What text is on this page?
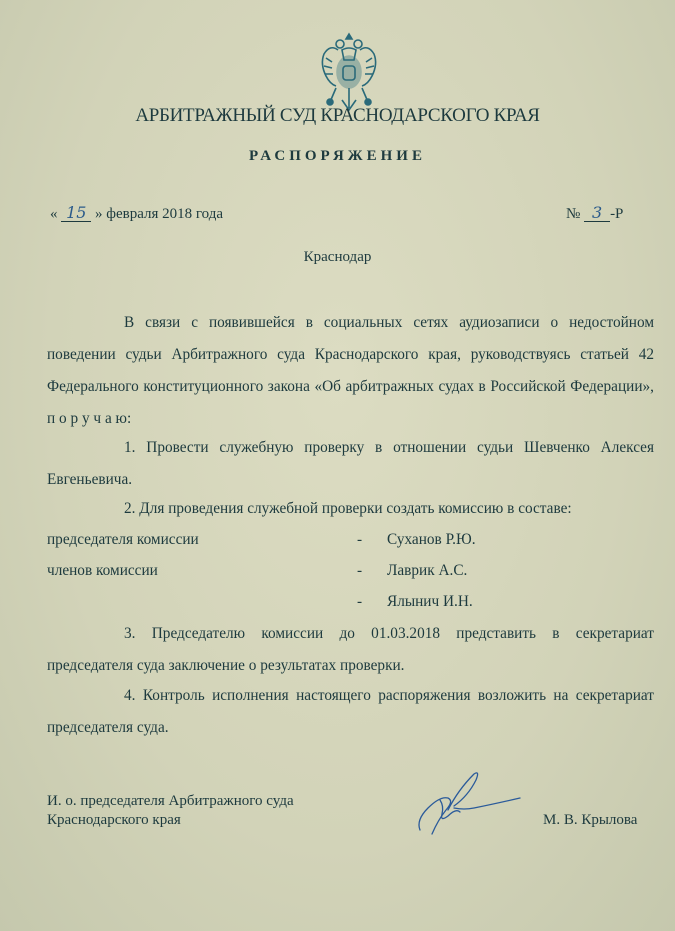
АРБИТРАЖНЫЙ СУД КРАСНОДАРСКОГО КРАЯ
РАСПОРЯЖЕНИЕ
« 15 » февраля 2018 года	№ 3 -Р
Краснодар

В связи с появившейся в социальных сетях аудиозаписи о недостойном поведении судьи Арбитражного суда Краснодарского края, руководствуясь статьей 42 Федерального конституционного закона «Об арбитражных судах в Российской Федерации», п о р у ч а ю:

1. Провести служебную проверку в отношении судьи Шевченко Алексея Евгеньевича.

2. Для проведения служебной проверки создать комиссию в составе:

председателя комиссии	- Суханов Р.Ю.
членов комиссии	- Лаврик А.С.
- Ялынич И.Н.

3. Председателю комиссии до 01.03.2018 представить в секретариат председателя суда заключение о результатах проверки.

4. Контроль исполнения настоящего распоряжения возложить на секретариат председателя суда.

И. о. председателя Арбитражного суда
Краснодарского края	М. В. Крылова
